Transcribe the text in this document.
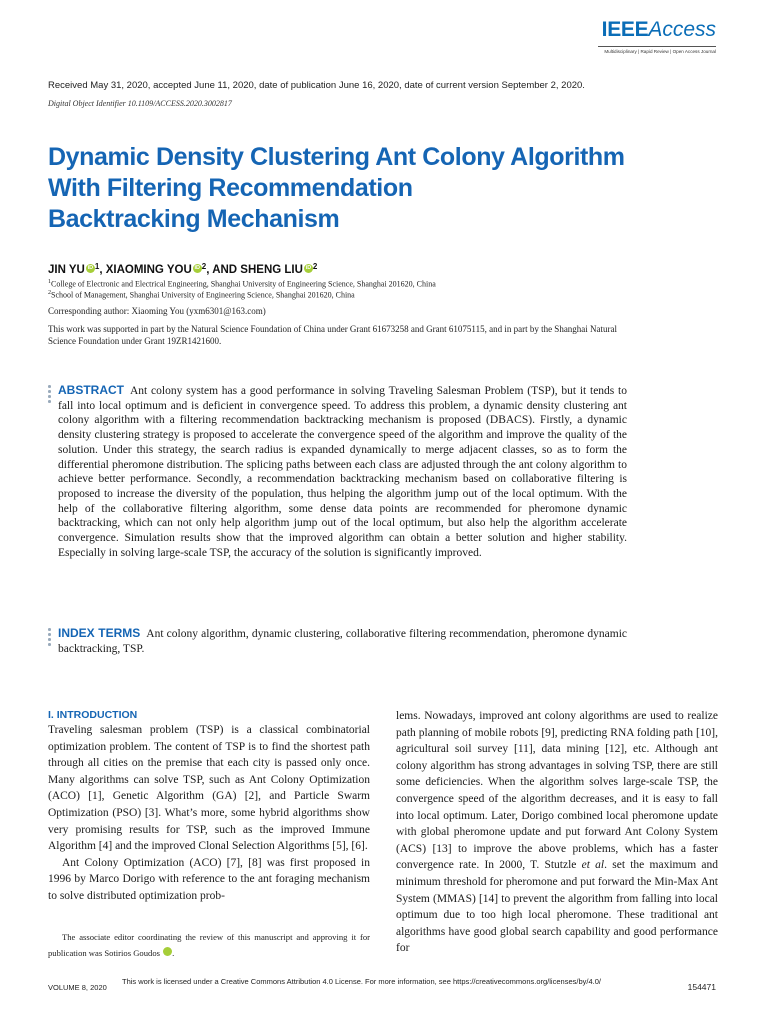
IEEEAccess
Multidisciplinary | Rapid Review | Open Access Journal
Received May 31, 2020, accepted June 11, 2020, date of publication June 16, 2020, date of current version September 2, 2020.
Digital Object Identifier 10.1109/ACCESS.2020.3002817
Dynamic Density Clustering Ant Colony Algorithm
With Filtering Recommendation
Backtracking Mechanism
JIN YU iD $^1$, XIAOMING YOU iD $^2$, AND SHENG LIU iD $^2$
$^1$College of Electronic and Electrical Engineering, Shanghai University of Engineering Science, Shanghai 201620, China
$^2$School of Management, Shanghai University of Engineering Science, Shanghai 201620, China
Corresponding author: Xiaoming You (yxm6301@163.com)
This work was supported in part by the Natural Science Foundation of China under Grant 61673258 and Grant 61075115, and in part by the Shanghai Natural Science Foundation under Grant 19ZR1421600.
ABSTRACT Ant colony system has a good performance in solving Traveling Salesman Problem (TSP), but it tends to fall into local optimum and is deficient in convergence speed. To address this problem, a dynamic density clustering ant colony algorithm with a filtering recommendation backtracking mechanism is proposed (DBACS). Firstly, a dynamic density clustering strategy is proposed to accelerate the convergence speed of the algorithm and improve the quality of the solution. Under this strategy, the search radius is expanded dynamically to merge adjacent classes, so as to form the differential pheromone distribution. The splicing paths between each class are adjusted through the ant colony algorithm to achieve better performance. Secondly, a recommendation backtracking mechanism based on collaborative filtering is proposed to increase the diversity of the population, thus helping the algorithm jump out of the local optimum. With the help of the collaborative filtering algorithm, some dense data points are recommended for pheromone dynamic backtracking, which can not only help algorithm jump out of the local optimum, but also help the algorithm accelerate convergence. Simulation results show that the improved algorithm can obtain a better solution and higher stability. Especially in solving large-scale TSP, the accuracy of the solution is significantly improved.
INDEX TERMS Ant colony algorithm, dynamic clustering, collaborative filtering recommendation, pheromone dynamic backtracking, TSP.
I. INTRODUCTION

Traveling salesman problem (TSP) is a classical combinatorial optimization problem. The content of TSP is to find the shortest path through all cities on the premise that each city is passed only once. Many algorithms can solve TSP, such as Ant Colony Optimization (ACO) [1], Genetic Algorithm (GA) [2], and Particle Swarm Optimization (PSO) [3]. What’s more, some hybrid algorithms show very promising results for TSP, such as the improved Immune Algorithm [4] and the improved Clonal Selection Algorithms [5], [6].

Ant Colony Optimization (ACO) [7], [8] was first proposed in 1996 by Marco Dorigo with reference to the ant foraging mechanism to solve distributed optimization prob-

The associate editor coordinating the review of this manuscript and approving it for publication was Sotirios Goudos	iD.

lems. Nowadays, improved ant colony algorithms are used to realize path planning of mobile robots [9], predicting RNA folding path [10], agricultural soil survey [11], data mining [12], etc. Although ant colony algorithm has strong advantages in solving TSP, there are still some deficiencies. When the algorithm solves large-scale TSP, the convergence speed of the algorithm decreases, and it is easy to fall into local optimum. Later, Dorigo combined local pheromone update with global pheromone update and put forward Ant Colony System (ACS) [13] to improve the above problems, which has a faster convergence rate. In 2000, T. Stutzle et al. set the maximum and minimum threshold for pheromone and put forward the Min-Max Ant System (MMAS) [14] to prevent the algorithm from falling into local optimum due to too high local pheromone. These traditional ant algorithms have good global search capability and good performance for

VOLUME 8, 2020
This work is licensed under a Creative Commons Attribution 4.0 License. For more information, see https://creativecommons.org/licenses/by/4.0/
154471
